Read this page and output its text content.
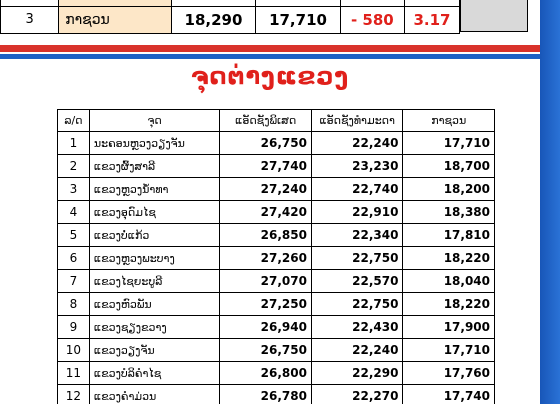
3	ກາຊວນ	18,290	17,710	- 580	3.17
ຈຸດຕ່າງແຂວງ
ລ/ດ	ຈຸດ	ແອັດຊັງພິເສດ	ແອັດຊັງທຳມະດາ	ກາຊວນ
1	ນະຄອນຫຼວງວຽງຈັນ	26,750	22,240	17,710
2	ແຂວງຜົ້ງສາລີ	27,740	23,230	18,700
3	ແຂວງຫຼວງນ້ຳທາ	27,240	22,740	18,200
4	ແຂວງອຸດົມໄຊ	27,420	22,910	18,380
5	ແຂວງບໍ່ແກ້ວ	26,850	22,340	17,810
6	ແຂວງຫຼວງພະບາງ	27,260	22,750	18,220
7	ແຂວງໄຊຍະບູລີ	27,070	22,570	18,040
8	ແຂວງຫົວພັນ	27,250	22,750	18,220
9	ແຂວງຊຽງຂວາງ	26,940	22,430	17,900
10	ແຂວງວຽງຈັນ	26,750	22,240	17,710
11	ແຂວງບໍລິຄຳໄຊ	26,800	22,290	17,760
12	ແຂວງຄຳມ່ວນ	26,780	22,270	17,740
